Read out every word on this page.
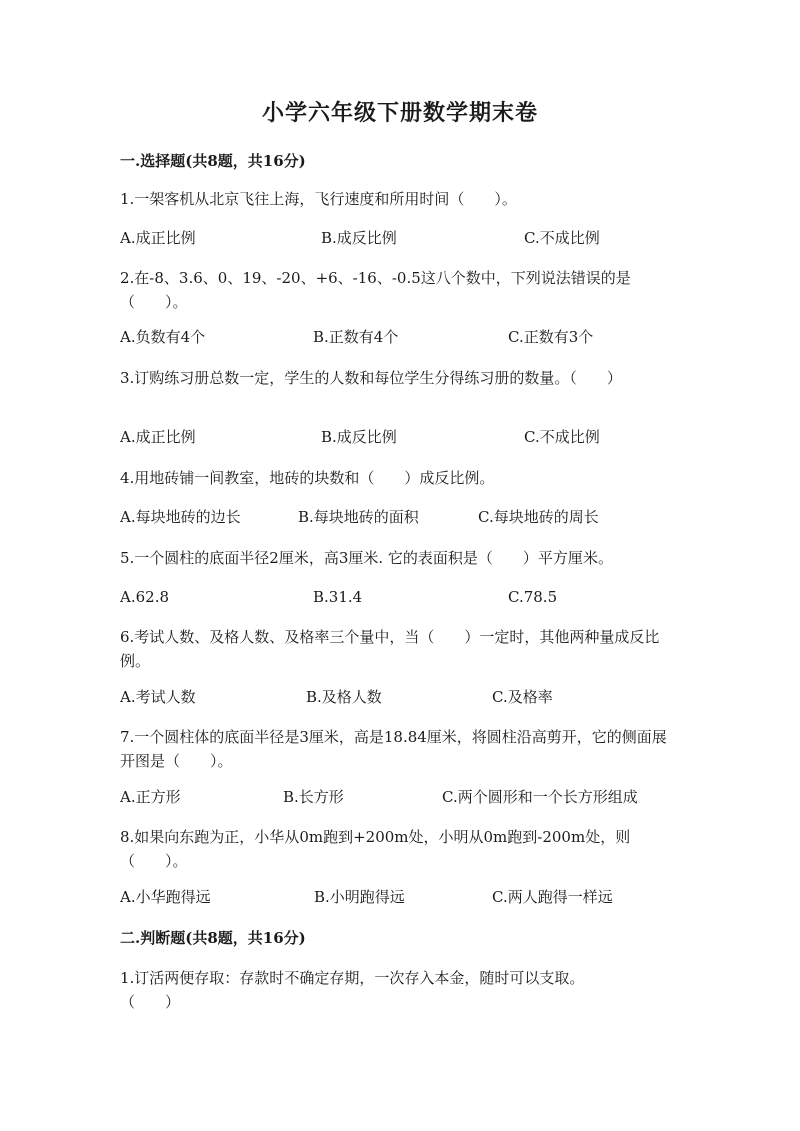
小学六年级下册数学期末卷
一.选择题(共8题，共16分)
1.一架客机从北京飞往上海，飞行速度和所用时间（　　）。
A.成正比例	B.成反比例	C.不成比例
2.在-8、3.6、0、19、-20、+6、-16、-0.5这八个数中，下列说法错误的是（　　）。
A.负数有4个	B.正数有4个	C.正数有3个
3.订购练习册总数一定，学生的人数和每位学生分得练习册的数量。（　　）
A.成正比例	B.成反比例	C.不成比例
4.用地砖铺一间教室，地砖的块数和（　　）成反比例。
A.每块地砖的边长	B.每块地砖的面积	C.每块地砖的周长
5.一个圆柱的底面半径2厘米，高3厘米. 它的表面积是（　　）平方厘米。
A.62.8	B.31.4	C.78.5
6.考试人数、及格人数、及格率三个量中，当（　　）一定时，其他两种量成反比例。
A.考试人数	B.及格人数	C.及格率
7.一个圆柱体的底面半径是3厘米，高是18.84厘米，将圆柱沿高剪开，它的侧面展开图是（　　）。
A.正方形	B.长方形	C.两个圆形和一个长方形组成
8.如果向东跑为正，小华从0m跑到+200m处，小明从0m跑到-200m处，则（　　）。
A.小华跑得远	B.小明跑得远	C.两人跑得一样远
二.判断题(共8题，共16分)
1.订活两便存取：存款时不确定存期，一次存入本金，随时可以支取。（　　）
